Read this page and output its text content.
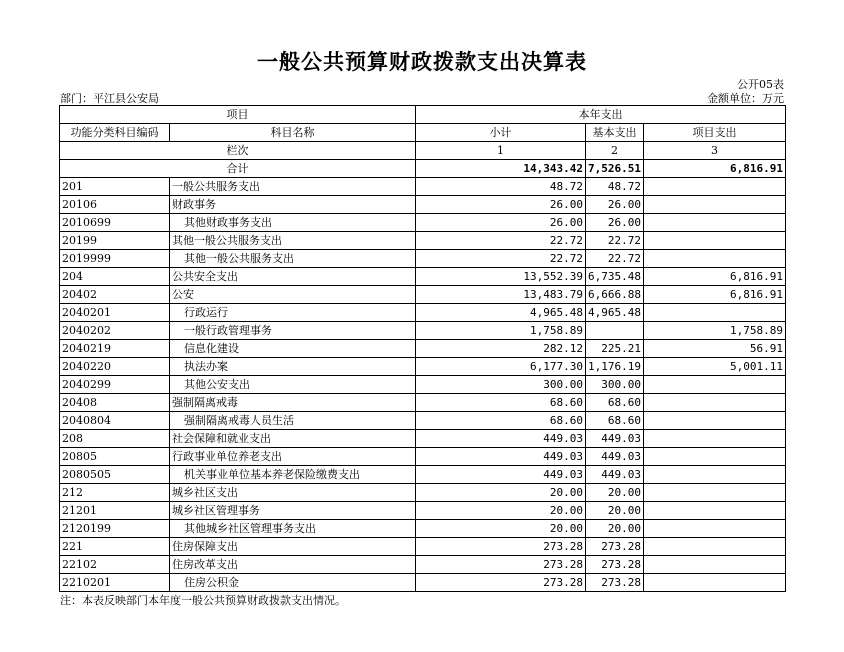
一般公共预算财政拨款支出决算表
公开05表
部门：平江县公安局	金额单位：万元
项目		本年支出		
功能分类科目编码	科目名称	小计	基本支出	项目支出
栏次		1	2	3
合计		14,343.42	7,526.51	6,816.91
201	一般公共服务支出	48.72	48.72	
20106	财政事务	26.00	26.00	
2010699	其他财政事务支出	26.00	26.00	
20199	其他一般公共服务支出	22.72	22.72	
2019999	其他一般公共服务支出	22.72	22.72	
204	公共安全支出	13,552.39	6,735.48	6,816.91
20402	公安	13,483.79	6,666.88	6,816.91
2040201	行政运行	4,965.48	4,965.48	
2040202	一般行政管理事务	1,758.89		1,758.89
2040219	信息化建设	282.12	225.21	56.91
2040220	执法办案	6,177.30	1,176.19	5,001.11
2040299	其他公安支出	300.00	300.00	
20408	强制隔离戒毒	68.60	68.60	
2040804	强制隔离戒毒人员生活	68.60	68.60	
208	社会保障和就业支出	449.03	449.03	
20805	行政事业单位养老支出	449.03	449.03	
2080505	机关事业单位基本养老保险缴费支出	449.03	449.03	
212	城乡社区支出	20.00	20.00	
21201	城乡社区管理事务	20.00	20.00	
2120199	其他城乡社区管理事务支出	20.00	20.00	
221	住房保障支出	273.28	273.28	
22102	住房改革支出	273.28	273.28	
2210201	住房公积金	273.28	273.28	
注：本表反映部门本年度一般公共预算财政拨款支出情况。
